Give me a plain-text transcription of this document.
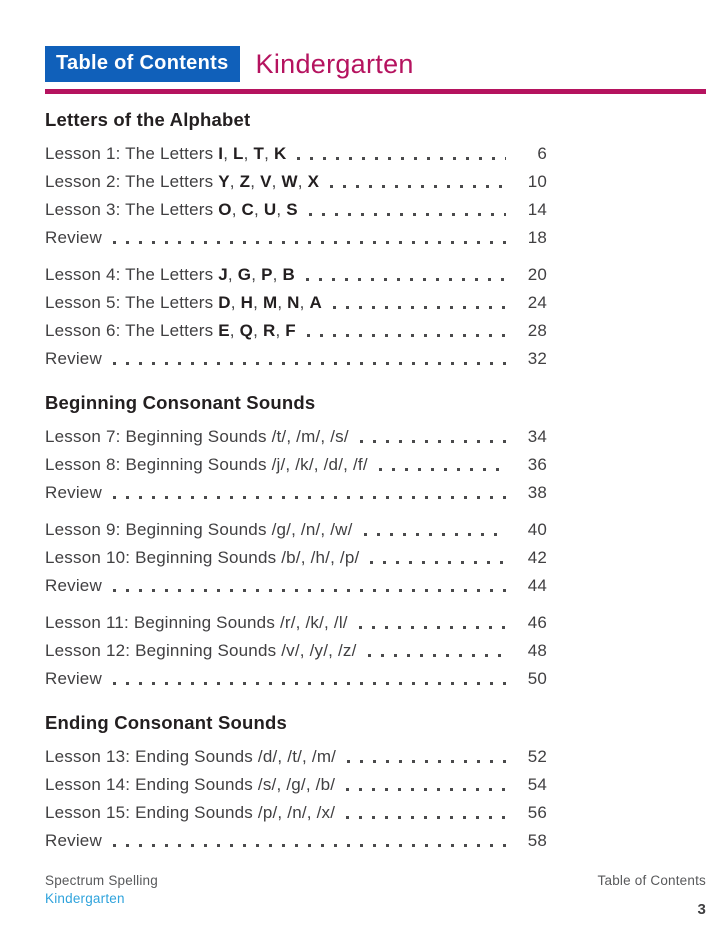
Table of Contents	Kindergarten
Letters of the Alphabet
Lesson 1: The Letters I, L, T, K	6
Lesson 2: The Letters Y, Z, V, W, X	10
Lesson 3: The Letters O, C, U, S	14
Review	18
Lesson 4: The Letters J, G, P, B	20
Lesson 5: The Letters D, H, M, N, A	24
Lesson 6: The Letters E, Q, R, F	28
Review	32
Beginning Consonant Sounds
Lesson 7: Beginning Sounds /t/, /m/, /s/	34
Lesson 8: Beginning Sounds /j/, /k/, /d/, /f/	36
Review	38
Lesson 9: Beginning Sounds /g/, /n/, /w/	40
Lesson 10: Beginning Sounds /b/, /h/, /p/	42
Review	44
Lesson 11: Beginning Sounds /r/, /k/, /l/	46
Lesson 12: Beginning Sounds /v/, /y/, /z/	48
Review	50
Ending Consonant Sounds
Lesson 13: Ending Sounds /d/, /t/, /m/	52
Lesson 14: Ending Sounds /s/, /g/, /b/	54
Lesson 15: Ending Sounds /p/, /n/, /x/	56
Review	58
Spectrum Spelling
Kindergarten
Table of Contents
3
